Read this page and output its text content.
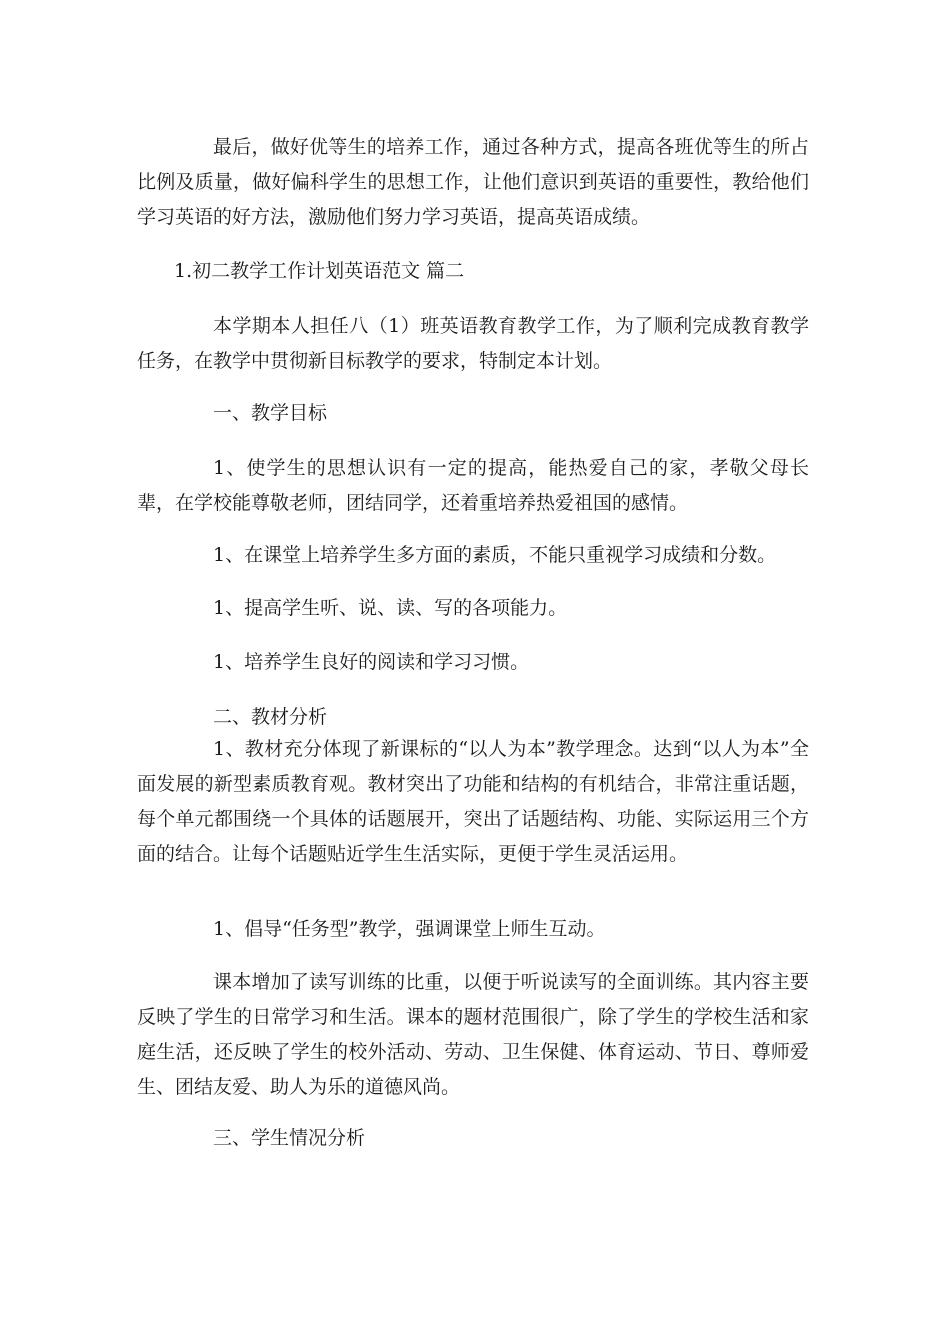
最后，做好优等生的培养工作，通过各种方式，提高各班优等生的所占比例及质量，做好偏科学生的思想工作，让他们意识到英语的重要性，教给他们学习英语的好方法，激励他们努力学习英语，提高英语成绩。

1.初二教学工作计划英语范文 篇二

本学期本人担任八（1）班英语教育教学工作，为了顺利完成教育教学任务，在教学中贯彻新目标教学的要求，特制定本计划。

一、教学目标

1、使学生的思想认识有一定的提高，能热爱自己的家，孝敬父母长辈，在学校能尊敬老师，团结同学，还着重培养热爱祖国的感情。

1、在课堂上培养学生多方面的素质，不能只重视学习成绩和分数。

1、提高学生听、说、读、写的各项能力。

1、培养学生良好的阅读和学习习惯。

二、教材分析

1、教材充分体现了新课标的“以人为本”教学理念。达到“以人为本”全面发展的新型素质教育观。教材突出了功能和结构的有机结合，非常注重话题，每个单元都围绕一个具体的话题展开，突出了话题结构、功能、实际运用三个方面的结合。让每个话题贴近学生生活实际，更便于学生灵活运用。

1、倡导“任务型”教学，强调课堂上师生互动。

课本增加了读写训练的比重，以便于听说读写的全面训练。其内容主要反映了学生的日常学习和生活。课本的题材范围很广，除了学生的学校生活和家庭生活，还反映了学生的校外活动、劳动、卫生保健、体育运动、节日、尊师爱生、团结友爱、助人为乐的道德风尚。

三、学生情况分析
